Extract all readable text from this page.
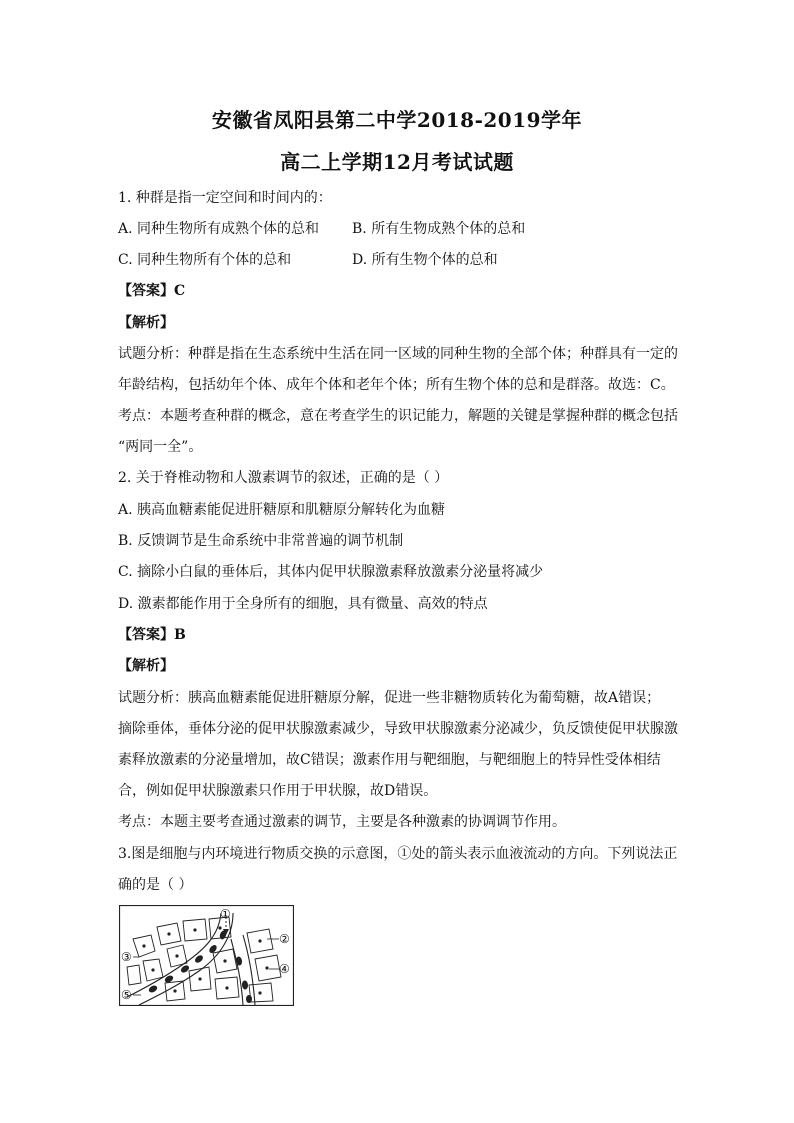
安徽省凤阳县第二中学2018-2019学年
高二上学期12月考试试题
1. 种群是指一定空间和时间内的：
A. 同种生物所有成熟个体的总和 B. 所有生物成熟个体的总和
C. 同种生物所有个体的总和	D. 所有生物个体的总和
【答案】C
【解析】
试题分析：种群是指在生态系统中生活在同一区域的同种生物的全部个体；种群具有一定的
年龄结构，包括幼年个体、成年个体和老年个体；所有生物个体的总和是群落。故选：C。
考点：本题考查种群的概念，意在考查学生的识记能力，解题的关键是掌握种群的概念包括
“两同一全”。
2. 关于脊椎动物和人激素调节的叙述，正确的是（ ）
A. 胰高血糖素能促进肝糖原和肌糖原分解转化为血糖
B. 反馈调节是生命系统中非常普遍的调节机制
C. 摘除小白鼠的垂体后，其体内促甲状腺激素释放激素分泌量将减少
D. 激素都能作用于全身所有的细胞，具有微量、高效的特点
【答案】B
【解析】
试题分析：胰高血糖素能促进肝糖原分解，促进一些非糖物质转化为葡萄糖，故A错误；
摘除垂体，垂体分泌的促甲状腺激素减少，导致甲状腺激素分泌减少，负反馈使促甲状腺激
素释放激素的分泌量增加，故C错误；激素作用与靶细胞，与靶细胞上的特异性受体相结
合，例如促甲状腺激素只作用于甲状腺，故D错误。
考点：本题主要考查通过激素的调节，主要是各种激素的协调调节作用。
3.图是细胞与内环境进行物质交换的示意图，①处的箭头表示血液流动的方向。下列说法正
确的是（ ）
①
②
③
④
⑤
